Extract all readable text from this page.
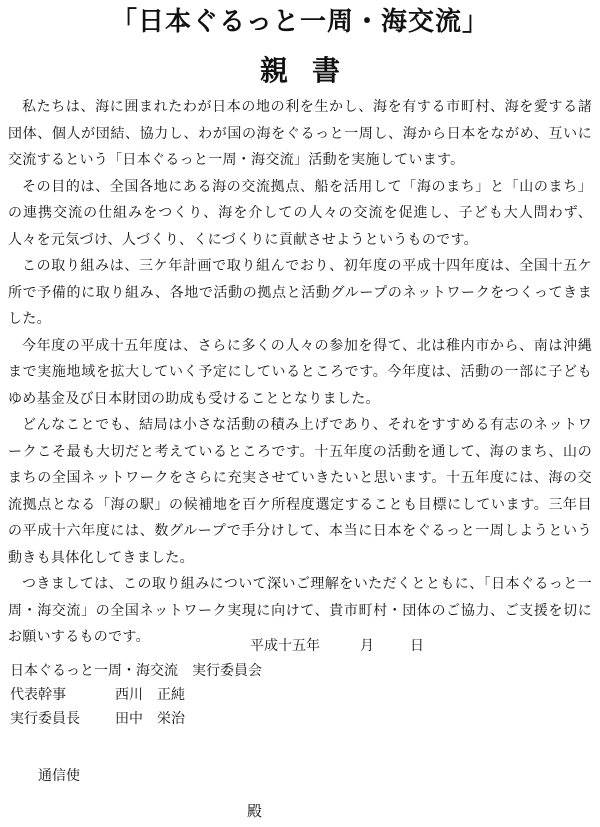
「日本ぐるっと一周・海交流」
親書

私たちは、海に囲まれたわが日本の地の利を生かし、海を有する市町村、海を愛する諸団体、個人が団結、協力し、わが国の海をぐるっと一周し、海から日本をながめ、互いに交流するという「日本ぐるっと一周・海交流」活動を実施しています。

その目的は、全国各地にある海の交流拠点、船を活用して「海のまち」と「山のまち」の連携交流の仕組みをつくり、海を介しての人々の交流を促進し、子ども大人問わず、人々を元気づけ、人づくり、くにづくりに貢献させようというものです。

この取り組みは、三ケ年計画で取り組んでおり、初年度の平成十四年度は、全国十五ケ所で予備的に取り組み、各地で活動の拠点と活動グループのネットワークをつくってきました。

今年度の平成十五年度は、さらに多くの人々の参加を得て、北は稚内市から、南は沖縄まで実施地域を拡大していく予定にしているところです。今年度は、活動の一部に子どもゆめ基金及び日本財団の助成も受けることとなりました。

どんなことでも、結局は小さな活動の積み上げであり、それをすすめる有志のネットワークこそ最も大切だと考えているところです。十五年度の活動を通して、海のまち、山のまちの全国ネットワークをさらに充実させていきたいと思います。十五年度には、海の交流拠点となる「海の駅」の候補地を百ケ所程度選定することも目標にしています。三年目の平成十六年度には、数グループで手分けして、本当に日本をぐるっと一周しようという動きも具体化してきました。

つきましては、この取り組みについて深いご理解をいただくとともに、「日本ぐるっと一周・海交流」の全国ネットワーク実現に向けて、貴市町村・団体のご協力、ご支援を切にお願いするものです。

平成十五年	月	日
日本ぐるっと一周・海交流　実行委員会
代表幹事	西川　正純
実行委員長	田中　栄治
通信使
殿
